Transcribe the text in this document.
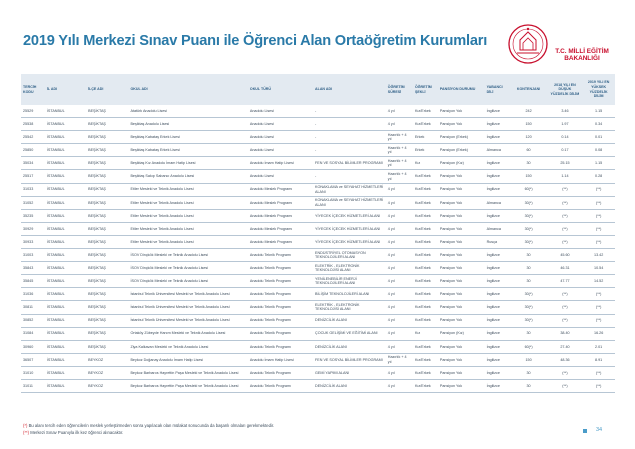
2019 Yılı Merkezi Sınav Puanı ile Öğrenci Alan Ortaöğretim Kurumları
T.C. MİLLİ EĞİTİM BAKANLIĞI
TERCİH KODU	İL ADI	İLÇE ADI	OKUL ADI	OKUL TÜRÜ	ALAN ADI	ÖĞRETİM SÜRESİ	ÖĞRETİM ŞEKLİ	PANSİYON DURUMU	YABANCI DİLİ	KONTENJANI	2018 YILI EN DÜŞÜK YÜZDELİK DİLİM	2019 YILI EN YÜKSEK YÜZDELİK DİLİM
25529	İSTANBUL	BEŞİKTAŞ	Atatürk Anadolu Lisesi	Anadolu Lisesi	-	4 yıl	Kız/Erkek	Pansiyon Yok	İngilizce	242	3.46	1.15
25538	İSTANBUL	BEŞİKTAŞ	Beşiktaş Anadolu Lisesi	Anadolu Lisesi	-	4 yıl	Kız/Erkek	Pansiyon Yok	İngilizce	150	1.97	0.34
25542	İSTANBUL	BEŞİKTAŞ	Beşiktaş Kabataş Erkek Lisesi	Anadolu Lisesi	-	Hazırlık + 4 yıl	Erkek	Pansiyon (Erkek)	İngilizce	120	0.14	0.01
25850	İSTANBUL	BEŞİKTAŞ	Beşiktaş Kabataş Erkek Lisesi	Anadolu Lisesi	-	Hazırlık + 4 yıl	Erkek	Pansiyon (Erkek)	Almanca	60	0.17	0.08
35034	İSTANBUL	BEŞİKTAŞ	Beşiktaş Kız Anadolu İmam Hatip Lisesi	Anadolu İmam Hatip Lisesi	FEN VE SOSYAL BİLİMLER PROGRAMI	Hazırlık + 4 yıl	Kız	Pansiyon (Kız)	İngilizce	30	25.15	1.15
25517	İSTANBUL	BEŞİKTAŞ	Beşiktaş Sakıp Sabancı Anadolu Lisesi	Anadolu Lisesi	-	Hazırlık + 4 yıl	Kız/Erkek	Pansiyon Yok	İngilizce	150	1.14	0.28
31033	İSTANBUL	BEŞİKTAŞ	Etiler Mesleki ve Teknik Anadolu Lisesi	Anadolu Meslek Programı	KONAKLAMA ve SEYAHAT HİZMETLERİ ALANI	4 yıl	Kız/Erkek	Pansiyon Yok	İngilizce	60(*)	(**)	(**)
31052	İSTANBUL	BEŞİKTAŞ	Etiler Mesleki ve Teknik Anadolu Lisesi	Anadolu Meslek Programı	KONAKLAMA ve SEYAHAT HİZMETLERİ ALANI	4 yıl	Kız/Erkek	Pansiyon Yok	Almanca	30(*)	(**)	(**)
35235	İSTANBUL	BEŞİKTAŞ	Etiler Mesleki ve Teknik Anadolu Lisesi	Anadolu Meslek Programı	YİYECEK İÇECEK HİZMETLERİ ALANI	4 yıl	Kız/Erkek	Pansiyon Yok	İngilizce	30(*)	(**)	(**)
30929	İSTANBUL	BEŞİKTAŞ	Etiler Mesleki ve Teknik Anadolu Lisesi	Anadolu Meslek Programı	YİYECEK İÇECEK HİZMETLERİ ALANI	4 yıl	Kız/Erkek	Pansiyon Yok	Almanca	30(*)	(**)	(**)
30933	İSTANBUL	BEŞİKTAŞ	Etiler Mesleki ve Teknik Anadolu Lisesi	Anadolu Meslek Programı	YİYECEK İÇECEK HİZMETLERİ ALANI	4 yıl	Kız/Erkek	Pansiyon Yok	Rusça	30(*)	(**)	(**)
31003	İSTANBUL	BEŞİKTAŞ	İSOV Dinçkök Mesleki ve Teknik Anadolu Lisesi	Anadolu Teknik Programı	ENDÜSTRİYEL OTOMASYON TEKNOLOJİLERİ ALANI	4 yıl	Kız/Erkek	Pansiyon Yok	İngilizce	30	45.60	13.42
35843	İSTANBUL	BEŞİKTAŞ	İSOV Dinçkök Mesleki ve Teknik Anadolu Lisesi	Anadolu Teknik Programı	ELEKTRİK - ELEKTRONİK TEKNOLOJİSİ ALANI	4 yıl	Kız/Erkek	Pansiyon Yok	İngilizce	30	46.31	10.54
35845	İSTANBUL	BEŞİKTAŞ	İSOV Dinçkök Mesleki ve Teknik Anadolu Lisesi	Anadolu Teknik Programı	YENİLENEBİLİR ENERJİ TEKNOLOJİLERİ ALANI	4 yıl	Kız/Erkek	Pansiyon Yok	İngilizce	30	47.77	14.52
31036	İSTANBUL	BEŞİKTAŞ	İstanbul Teknik Üniversitesi Mesleki ve Teknik Anadolu Lisesi	Anadolu Teknik Programı	BİLİŞİM TEKNOLOJİLERİ ALANI	4 yıl	Kız/Erkek	Pansiyon Yok	İngilizce	30(*)	(**)	(**)
30811	İSTANBUL	BEŞİKTAŞ	İstanbul Teknik Üniversitesi Mesleki ve Teknik Anadolu Lisesi	Anadolu Teknik Programı	ELEKTRİK - ELEKTRONİK TEKNOLOJİSİ ALANI	4 yıl	Kız/Erkek	Pansiyon Yok	İngilizce	30(*)	(**)	(**)
30852	İSTANBUL	BEŞİKTAŞ	İstanbul Teknik Üniversitesi Mesleki ve Teknik Anadolu Lisesi	Anadolu Teknik Programı	DENİZCİLİK ALANI	4 yıl	Kız/Erkek	Pansiyon Yok	İngilizce	30(*)	(**)	(**)
31084	İSTANBUL	BEŞİKTAŞ	Ortaköy Zübeyde Hanım Mesleki ve Teknik Anadolu Lisesi	Anadolu Teknik Programı	ÇOCUK GELİŞİMİ VE EĞİTİMİ ALANI	4 yıl	Kız	Pansiyon (Kız)	İngilizce	30	38.40	16.26
30960	İSTANBUL	BEŞİKTAŞ	Ziya Kalkavan Mesleki ve Teknik Anadolu Lisesi	Anadolu Teknik Programı	DENİZCİLİK ALANI	4 yıl	Kız/Erkek	Pansiyon Yok	İngilizce	60(*)	27.40	2.01
36507	İSTANBUL	BEYKOZ	Beykoz Doğanay Anadolu İmam Hatip Lisesi	Anadolu İmam Hatip Lisesi	FEN VE SOSYAL BİLİMLER PROGRAMI	Hazırlık + 4 yıl	Kız/Erkek	Pansiyon Yok	İngilizce	150	48.36	8.91
31010	İSTANBUL	BEYKOZ	Beykoz Barbaros Hayrettin Paşa Mesleki ve Teknik Anadolu Lisesi	Anadolu Teknik Programı	GEMİ YAPIMI ALANI	4 yıl	Kız/Erkek	Pansiyon Yok	İngilizce	30	(**)	(**)
31011	İSTANBUL	BEYKOZ	Beykoz Barbaros Hayrettin Paşa Mesleki ve Teknik Anadolu Lisesi	Anadolu Teknik Programı	DENİZCİLİK ALANI	4 yıl	Kız/Erkek	Pansiyon Yok	İngilizce	30	(**)	(**)
(*) Bu alanı tercih eden öğrencilerin meslek yerleştirmeden sonra yapılacak olan mülakat sonucunda da başarılı olmaları gerekmektedir.
(**) Merkezi Sınav Puanıyla ilk kez öğrenci alınacaktır.	34
